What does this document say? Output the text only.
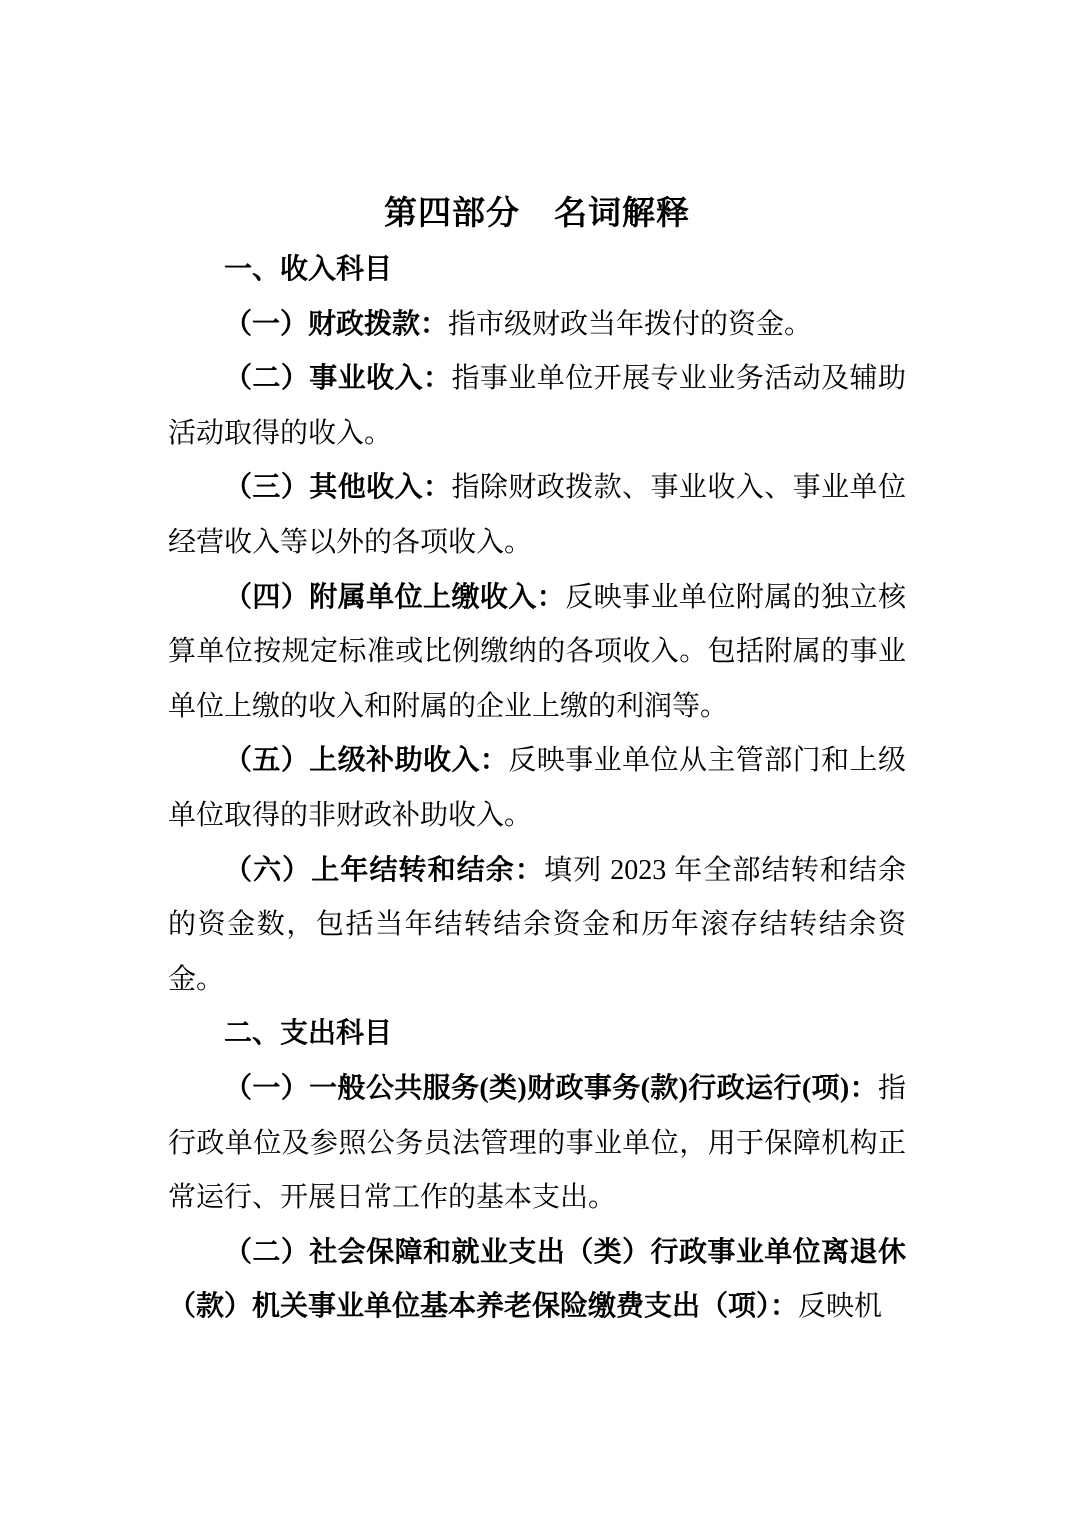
第四部分　名词解释

一、收入科目

（一）财政拨款：指市级财政当年拨付的资金。

（二）事业收入：指事业单位开展专业业务活动及辅助活动取得的收入。

（三）其他收入：指除财政拨款、事业收入、事业单位经营收入等以外的各项收入。

（四）附属单位上缴收入：反映事业单位附属的独立核算单位按规定标准或比例缴纳的各项收入。包括附属的事业单位上缴的收入和附属的企业上缴的利润等。

（五）上级补助收入：反映事业单位从主管部门和上级单位取得的非财政补助收入。

（六）上年结转和结余：填列 2023 年全部结转和结余的资金数，包括当年结转结余资金和历年滚存结转结余资金。

二、支出科目

（一）一般公共服务(类)财政事务(款)行政运行(项)：指行政单位及参照公务员法管理的事业单位，用于保障机构正常运行、开展日常工作的基本支出。

（二）社会保障和就业支出（类）行政事业单位离退休（款）机关事业单位基本养老保险缴费支出（项）：反映机
